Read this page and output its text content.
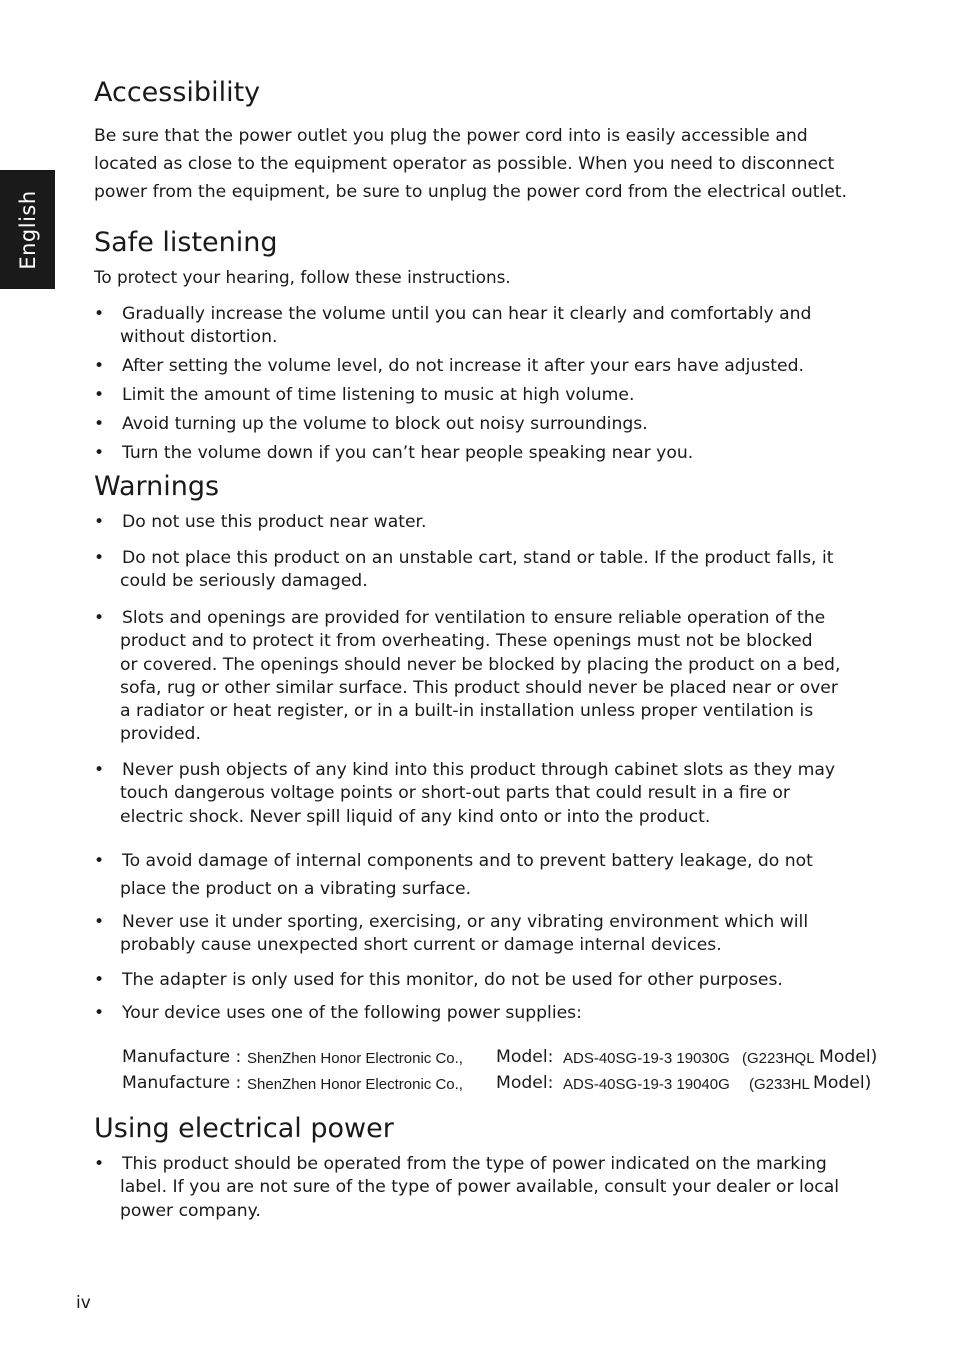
English
Accessibility
Be sure that the power outlet you plug the power cord into is easily accessible and
located as close to the equipment operator as possible. When you need to disconnect
power from the equipment, be sure to unplug the power cord from the electrical outlet.
Safe listening
To protect your hearing, follow these instructions.
• Gradually increase the volume until you can hear it clearly and comfortably and
without distortion.
• After setting the volume level, do not increase it after your ears have adjusted.
• Limit the amount of time listening to music at high volume.
• Avoid turning up the volume to block out noisy surroundings.
• Turn the volume down if you can’t hear people speaking near you.
Warnings
• Do not use this product near water.
• Do not place this product on an unstable cart, stand or table. If the product falls, it
could be seriously damaged.
• Slots and openings are provided for ventilation to ensure reliable operation of the
product and to protect it from overheating. These openings must not be blocked
or covered. The openings should never be blocked by placing the product on a bed,
sofa, rug or other similar surface. This product should never be placed near or over
a radiator or heat register, or in a built-in installation unless proper ventilation is
provided.
• Never push objects of any kind into this product through cabinet slots as they may
touch dangerous voltage points or short-out parts that could result in a fire or
electric shock. Never spill liquid of any kind onto or into the product.
• To avoid damage of internal components and to prevent battery leakage, do not
place the product on a vibrating surface.
• Never use it under sporting, exercising, or any vibrating environment which will
probably cause unexpected short current or damage internal devices.
• The adapter is only used for this monitor, do not be used for other purposes.
• Your device uses one of the following power supplies:
Manufacture : ShenZhen Honor Electronic Co., Model: ADS-40SG-19-3 19030G (G223HQL Model)
Manufacture : ShenZhen Honor Electronic Co., Model: ADS-40SG-19-3 19040G (G233HL Model)
Using electrical power
• This product should be operated from the type of power indicated on the marking
label. If you are not sure of the type of power available, consult your dealer or local
power company.
iv
